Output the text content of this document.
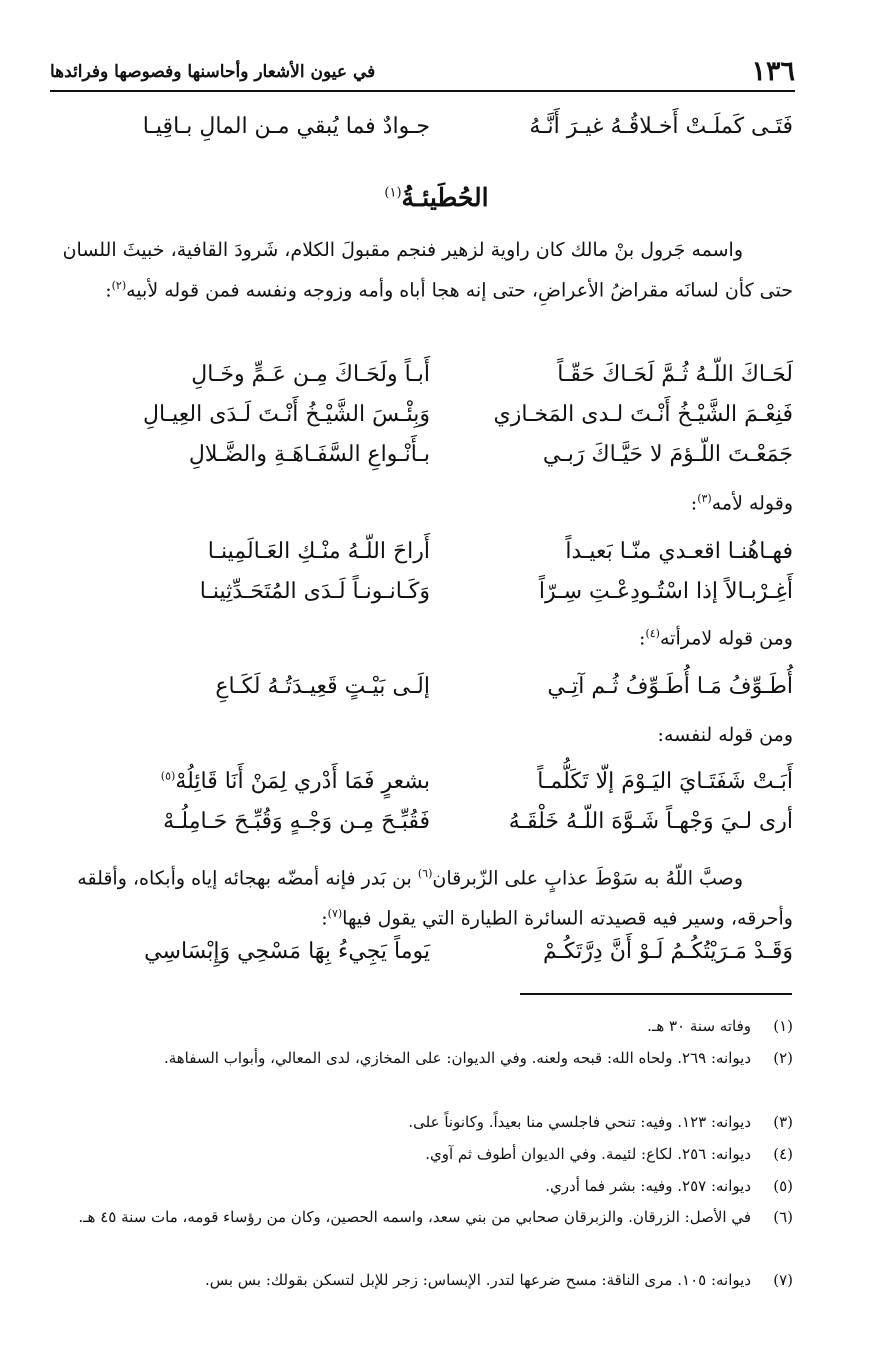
١٣٦
في عيون الأشعار وأحاسنها وفصوصها وفرائدها
فَتَـى كَملَـتْ أَخـلاقُـهُ غيـرَ أَنَّـهُ
جـوادٌ فما يُبقي مـن المالِ بـاقِيـا
الحُطَيئـةُ$^{(١)}$
واسمه جَرول بنْ مالك كان راوية لزهير فنجم مقبولَ الكلام، شَرودَ القافية، خبيثَ اللسان حتى كأن لسانَه مقراضُ الأعراضِ، حتى إنه هجا أباه وأمه وزوجه ونفسه فمن قوله لأبيه$^{(٢)}$:
لَحَـاكَ اللّـهُ ثُـمَّ لَحَـاكَ حَقّـاً
أَبـاً ولَحَـاكَ مِـن عَـمٍّ وخَـالِ
فَنِعْـمَ الشَّيْـخُ أَنْـتَ لـدى المَخـازي
وَبِئْـسَ الشَّيْـخُ أَنْـتَ لَـدَى العِيـالِ
جَمَعْـتَ اللّـؤمَ لا حَيَّـاكَ رَبـي
بـأَنْـواعِ السَّفَـاهَـةِ والضَّـلالِ
وقوله لأمه$^{(٣)}$:
فهـاهُنـا اقعـدي منّـا بَعيـداً
أَراحَ اللّـهُ منْـكِ العَـالَمِينـا
أَغِـرْبـالاً إذا اسْتُـودِعْـتِ سِـرّاً
وَكَـانـونـاً لَـدَى المُتَحَـدِّثِينـا
ومن قوله لامرأته$^{(٤)}$:
أُطَـوِّفُ مَـا أُطَـوِّفُ ثُـم آتِـي
إلَـى بَيْـتٍ قَعِيـدَتُـهُ لَكَـاعِ
ومن قوله لنفسه:
أَبَـتْ شَفَتَـايَ اليَـوْمَ إلّا تَكَلُّمـاً
بشعرٍ فَمَا أَدْري لِمَنْ أَنَا قَائِلُهْ$^{(٥)}$
أرى لـيَ وَجْهـاً شَـوَّهَ اللّـهُ خَلْقَـهُ
فَقُبِّـحَ مِـن وَجْـهٍ وَقُبِّـحَ حَـامِلُـهْ
وصبَّ اللّهُ به سَوْطَ عذابٍ على الزّبرقان$^{(٦)}$ بن بَدر فإنه أمضّه بهجائه إياه وأبكاه، وأقلقه وأحرقه، وسير فيه قصيدته السائرة الطيارة التي يقول فيها$^{(٧)}$:
وَقَـدْ مَـرَيْتُكُـمُ لَـوْ أَنَّ دِرَّتَكُـمْ
يَوماً يَجِيءُ بِهَا مَسْحِي وَإِبْسَاسِي
(١)
وفاته سنة ٣٠ هـ.
(٢)
ديوانه: ٢٦٩. ولحاه الله: قبحه ولعنه. وفي الديوان: على المخازي، لدى المعالي، وأبواب السفاهة.
(٣)
ديوانه: ١٢٣. وفيه: تنحي فاجلسي منا بعيداً. وكانوناً على.
(٤)
ديوانه: ٢٥٦. لكاع: لئيمة. وفي الديوان أطوف ثم آوي.
(٥)
ديوانه: ٢٥٧. وفيه: بشر فما أدري.
(٦)
في الأصل: الزرقان. والزبرقان صحابي من بني سعد، واسمه الحصين، وكان من رؤساء قومه، مات سنة ٤٥ هـ.
(٧)
ديوانه: ١٠٥. مرى الناقة: مسح ضرعها لتدر. الإبساس: زجر للإبل لتسكن بقولك: بس بس.
